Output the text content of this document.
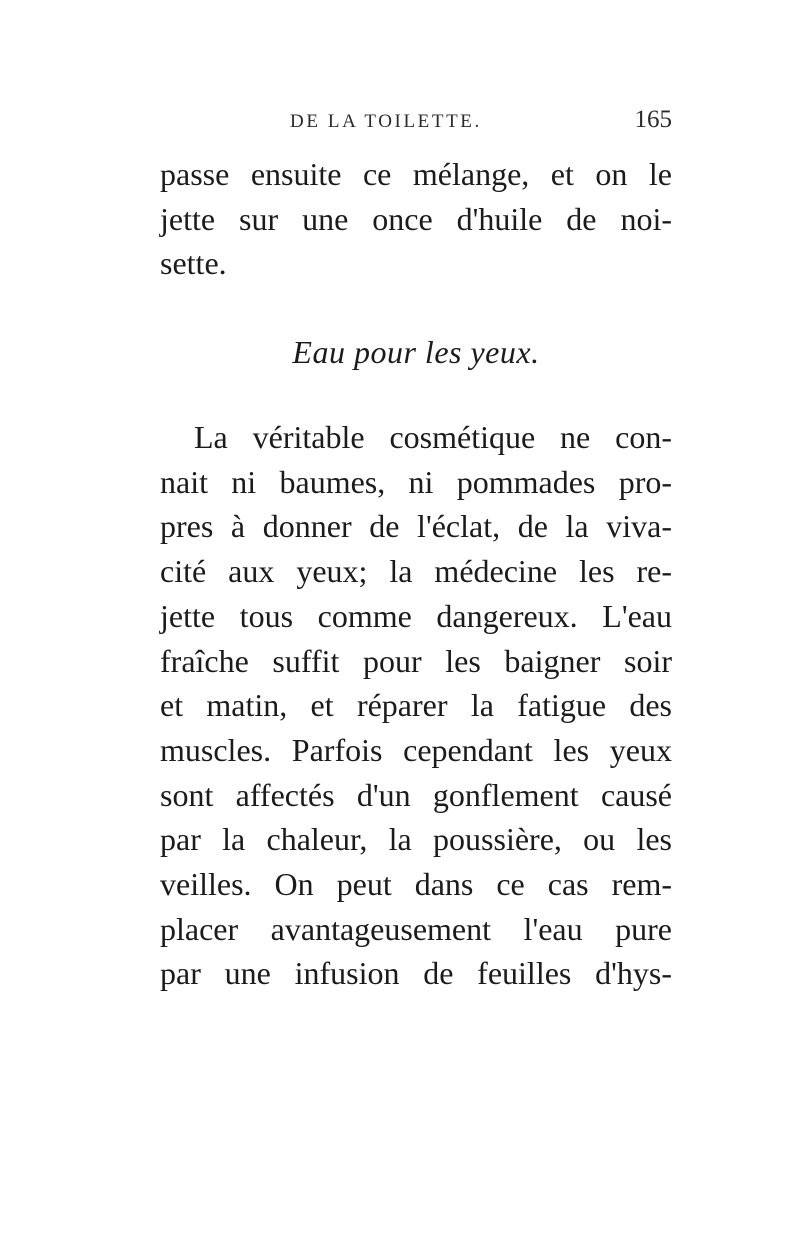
DE LA TOILETTE.	165

passe ensuite ce mélange, et on le
jette sur une once d'huile de noi-
sette.

Eau pour les yeux.

La véritable cosmétique ne con-
nait ni baumes, ni pommades pro-
pres à donner de l'éclat, de la viva-
cité aux yeux; la médecine les re-
jette tous comme dangereux. L'eau
fraîche suffit pour les baigner soir
et matin, et réparer la fatigue des
muscles. Parfois cependant les yeux
sont affectés d'un gonflement causé
par la chaleur, la poussière, ou les
veilles. On peut dans ce cas rem-
placer avantageusement l'eau pure
par une infusion de feuilles d'hys-
